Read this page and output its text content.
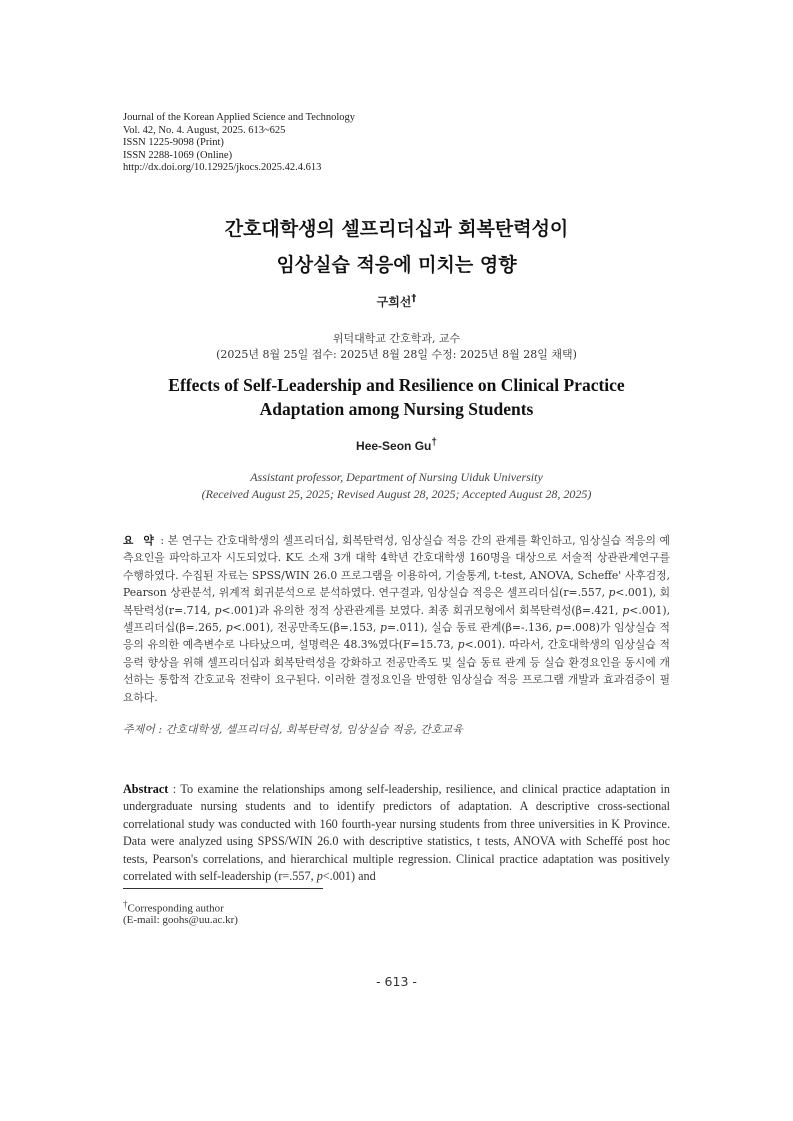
Journal of the Korean Applied Science and Technology
Vol. 42, No. 4. August, 2025. 613~625
ISSN 1225-9098 (Print)
ISSN 2288-1069 (Online)
http://dx.doi.org/10.12925/jkocs.2025.42.4.613
간호대학생의 셀프리더십과 회복탄력성이
임상실습 적응에 미치는 영향
구희선†
위덕대학교 간호학과, 교수
(2025년 8월 25일 접수: 2025년 8월 28일 수정: 2025년 8월 28일 채택)
Effects of Self-Leadership and Resilience on Clinical Practice
Adaptation among Nursing Students
Hee-Seon Gu†
Assistant professor, Department of Nursing Uiduk University
(Received August 25, 2025; Revised August 28, 2025; Accepted August 28, 2025)
요 약 : 본 연구는 간호대학생의 셀프리더십, 회복탄력성, 임상실습 적응 간의 관계를 확인하고, 임상실습 적응의 예측요인을 파악하고자 시도되었다. K도 소재 3개 대학 4학년 간호대학생 160명을 대상으로 서술적 상관관계연구를 수행하였다. 수집된 자료는 SPSS/WIN 26.0 프로그램을 이용하여, 기술통계, t-test, ANOVA, Scheffe' 사후검정, Pearson 상관분석, 위계적 회귀분석으로 분석하였다. 연구결과, 임상실습 적응은 셀프리더십(r=.557, p<.001), 회복탄력성(r=.714, p<.001)과 유의한 정적 상관관계를 보였다. 최종 회귀모형에서 회복탄력성(β=.421, p<.001), 셀프리더십(β=.265, p<.001), 전공만족도(β=.153, p=.011), 실습 동료 관계(β=-.136, p=.008)가 임상실습 적응의 유의한 예측변수로 나타났으며, 설명력은 48.3%였다(F=15.73, p<.001). 따라서, 간호대학생의 임상실습 적응력 향상을 위해 셀프리더십과 회복탄력성을 강화하고 전공만족도 및 실습 동료 관계 등 실습 환경요인을 동시에 개선하는 통합적 간호교육 전략이 요구된다. 이러한 결정요인을 반영한 임상실습 적응 프로그램 개발과 효과검증이 필요하다.
주제어 : 간호대학생, 셀프리더십, 회복탄력성, 임상실습 적응, 간호교육
Abstract : To examine the relationships among self-leadership, resilience, and clinical practice adaptation in undergraduate nursing students and to identify predictors of adaptation. A descriptive cross-sectional correlational study was conducted with 160 fourth-year nursing students from three universities in K Province. Data were analyzed using SPSS/WIN 26.0 with descriptive statistics, t tests, ANOVA with Scheffé post hoc tests, Pearson's correlations, and hierarchical multiple regression. Clinical practice adaptation was positively correlated with self-leadership (r=.557, p<.001) and
†Corresponding author
(E-mail: goohs@uu.ac.kr)
- 613 -
